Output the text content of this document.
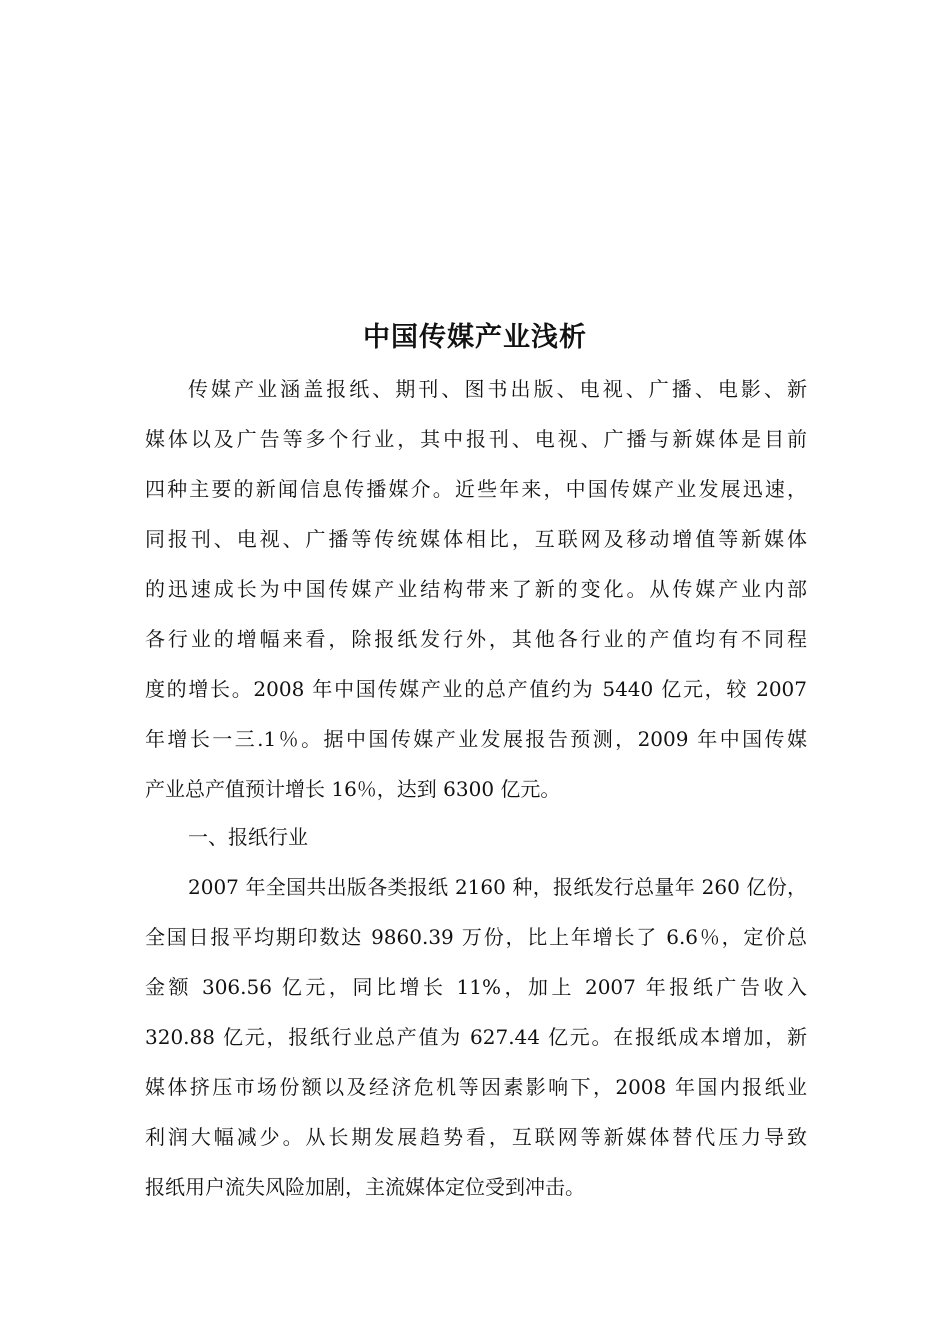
中国传媒产业浅析
传媒产业涵盖报纸、期刊、图书出版、电视、广播、电影、新
媒体以及广告等多个行业，其中报刊、电视、广播与新媒体是目前
四种主要的新闻信息传播媒介。近些年来，中国传媒产业发展迅速，
同报刊、电视、广播等传统媒体相比，互联网及移动增值等新媒体
的迅速成长为中国传媒产业结构带来了新的变化。从传媒产业内部
各行业的增幅来看，除报纸发行外，其他各行业的产值均有不同程
度的增长。2008 年中国传媒产业的总产值约为 5440 亿元，较 2007
年增长一三.1％。据中国传媒产业发展报告预测，2009 年中国传媒
产业总产值预计增长 16％，达到 6300 亿元。
一、报纸行业
2007 年全国共出版各类报纸 2160 种，报纸发行总量年 260 亿份，
全国日报平均期印数达 9860.39 万份，比上年增长了 6.6％，定价总
金额 306.56 亿元，同比增长 11%，加上 2007 年报纸广告收入
320.88 亿元，报纸行业总产值为 627.44 亿元。在报纸成本增加，新
媒体挤压市场份额以及经济危机等因素影响下，2008 年国内报纸业
利润大幅减少。从长期发展趋势看，互联网等新媒体替代压力导致
报纸用户流失风险加剧，主流媒体定位受到冲击。
